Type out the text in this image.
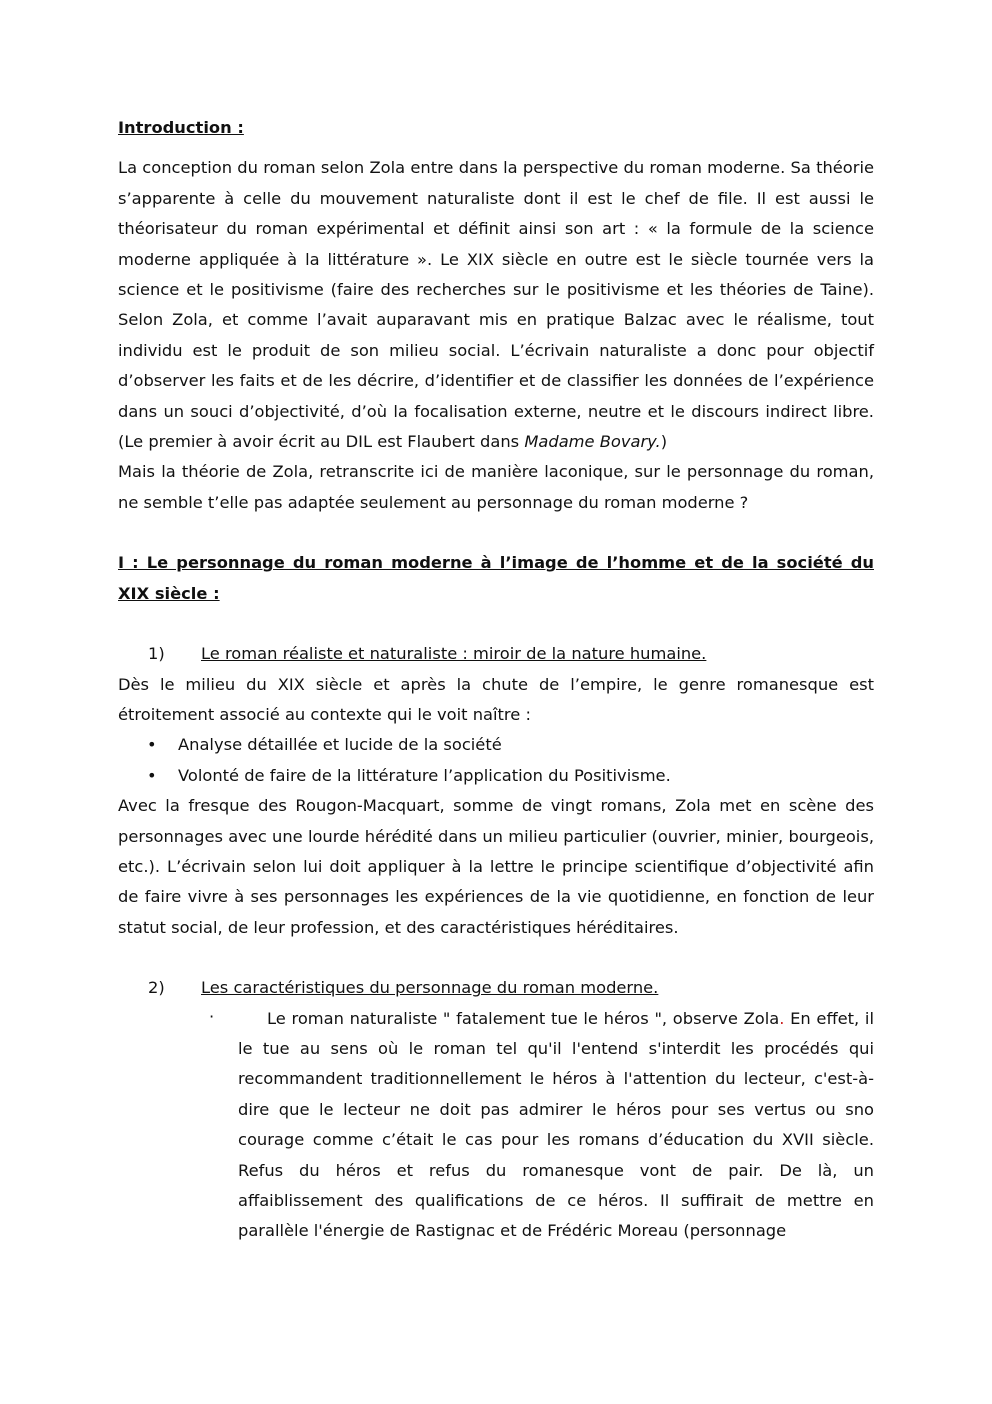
Introduction :

La conception du roman selon Zola entre dans la perspective du roman moderne. Sa théorie s’apparente à celle du mouvement naturaliste dont il est le chef de file. Il est aussi le théorisateur du roman expérimental et définit ainsi son art : « la formule de la science moderne appliquée à la littérature ». Le XIX siècle en outre est le siècle tournée vers la science et le positivisme (faire des recherches sur le positivisme et les théories de Taine). Selon Zola, et comme l’avait auparavant mis en pratique Balzac avec le réalisme, tout individu est le produit de son milieu social. L’écrivain naturaliste a donc pour objectif d’observer les faits et de les décrire, d’identifier et de classifier les données de l’expérience dans un souci d’objectivité, d’où la focalisation externe, neutre et le discours indirect libre. (Le premier à avoir écrit au DIL est Flaubert dans Madame Bovary.)

Mais la théorie de Zola, retranscrite ici de manière laconique, sur le personnage du roman, ne semble t’elle pas adaptée seulement au personnage du roman moderne ?

I : Le personnage du roman moderne à l’image de l’homme et de la société du XIX siècle :

1) Le roman réaliste et naturaliste : miroir de la nature humaine.

Dès le milieu du XIX siècle et après la chute de l’empire, le genre romanesque est étroitement associé au contexte qui le voit naître :

• Analyse détaillée et lucide de la société
• Volonté de faire de la littérature l’application du Positivisme.

Avec la fresque des Rougon-Macquart, somme de vingt romans, Zola met en scène des personnages avec une lourde hérédité dans un milieu particulier (ouvrier, minier, bourgeois, etc.). L’écrivain selon lui doit appliquer à la lettre le principe scientifique d’objectivité afin de faire vivre à ses personnages les expériences de la vie quotidienne, en fonction de leur statut social, de leur profession, et des caractéristiques héréditaires.

2) Les caractéristiques du personnage du roman moderne.

·	Le roman naturaliste " fatalement tue le héros ", observe Zola. En effet, il le tue au sens où le roman tel qu'il l'entend s'interdit les procédés qui recommandent traditionnellement le héros à l'attention du lecteur, c'est-à-dire que le lecteur ne doit pas admirer le héros pour ses vertus ou sno courage comme c’était le cas pour les romans d’éducation du XVII siècle. Refus du héros et refus du romanesque vont de pair. De là, un affaiblissement des qualifications de ce héros. Il suffirait de mettre en parallèle l'énergie de Rastignac et de Frédéric Moreau (personnage
